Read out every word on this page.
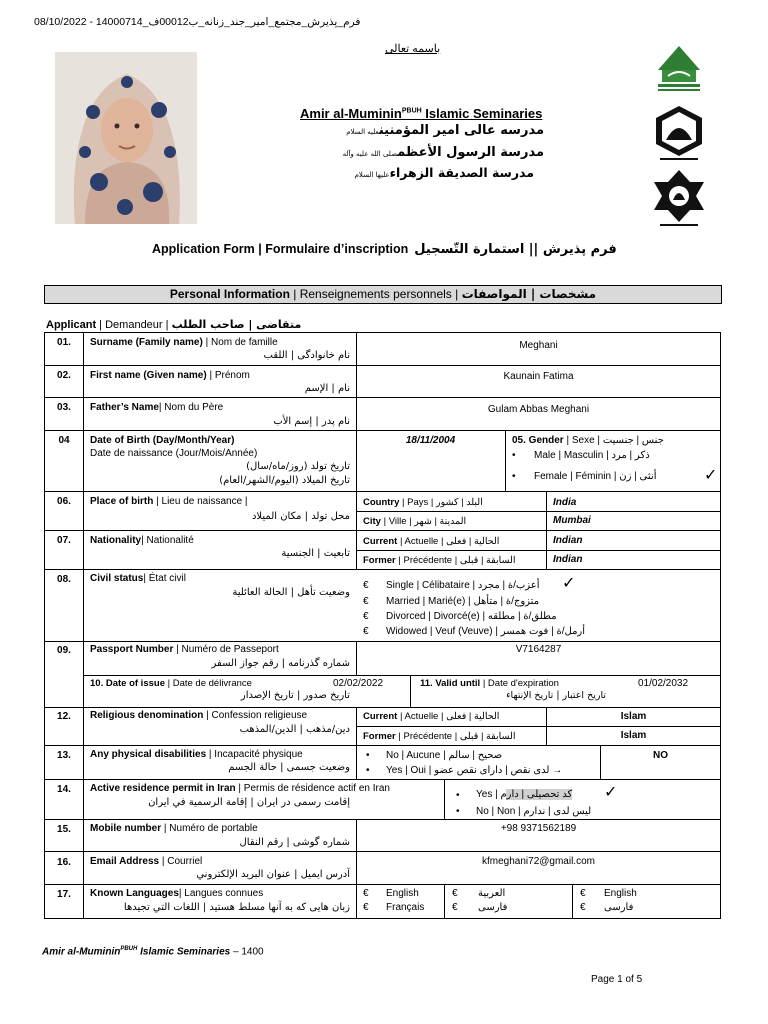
08/10/2022 - 14000714_فرم_پذیرش_مجتمع_امیر_جند_زنانه_ب00012ف
باسمه تعالی
Amir al-Muminin$^{PBUH}$ Islamic Seminaries
مدرسه عالی امیر المؤمنینعلیه السلام
مدرسة الرسول الأعظمصلی الله علیه وآله
مدرسة الصدیقة الزهراءعلیها السلام
Application Form | Formulaire d’inscription فرم پذیرش || استمارة التّسجیل
Personal Information | Renseignements personnels | مشخصات | المواصفات
Applicant | Demandeur | متقاضی | صاحب الطلب
01.	Surname (Family name) | Nom de famille
نام خانوادگی | اللقب
Meghani
02.	First name (Given name) | Prénom
نام | الإسم
Kaunain Fatima
03.	Father’s Name| Nom du Père
نام پدر | إسم الأب
Gulam Abbas Meghani
04	Date of Birth (Day/Month/Year)
Date de naissance (Jour/Mois/Année)
تاریخ تولد (روز/ماه/سال)
تاریخ المیلاد (الیوم/الشهر/العام)
18/11/2004	05. Gender | Sexe | جنس | جنسیت
• Male | Masculin | ذکر | مرد
• Female | Féminin | أنثی | زن	✓
06.	Place of birth | Lieu de naissance |
محل تولد | مكان الميلاد
Country | Pays | البلد | کشور	India
City | Ville | المدينة | شهر	Mumbai
07.	Nationality| Nationalité
تابعیت | الجنسية
Current | Actuelle | الحالية | فعلی	Indian
Former | Précédente | السابقة | قبلی	Indian
08.	Civil status| État civil
وضعیت تأهل | الحالة العائلية
€ Single | Célibataire | أعزب/ة | مجرد ✓
€ Married | Marié(e) | متزوج/ة | متأهل
€ Divorced | Divorcé(e) | مطلق/ة | مطلقه
€ Widowed | Veuf (Veuve) | أرمل/ة | فوت همسر
09.	Passport Number | Numéro de Passeport
شماره گذرنامه | رقم جواز السفر
V7164287
10. Date of issue | Date de délivrance
تاریخ صدور | تاريخ الإصدار
02/02/2022	11. Valid until | Date d'expiration
تاریخ اعتبار | تاريخ الإنتهاء
01/02/2032
12.	Religious denomination | Confession religieuse
دین/مذهب | الدين/المذهب
Current | Actuelle | الحالية | فعلی	Islam
Former | Précédente | السابقة | قبلی	Islam
13.	Any physical disabilities | Incapacité physique
وضعیت جسمی | حالة الجسم
• No | Aucune | صحيح | سالم
• Yes | Oui | لدی نقص | دارای نقص عضو →
NO
14.	Active residence permit in Iran | Permis de résidence actif en Iran
إقامت رسمی در ایران | إقامة الرسمية في ايران
• Yes | کد تحصیلی | دارم ✓
• No | Non | لیس لدی | ندارم
15.	Mobile number | Numéro de portable
شماره گوشی | رقم النقال
+98 9371562189
16.	Email Address | Courriel
آدرس ایمیل | عنوان البريد الإلكتروني
kfmeghani72@gmail.com
17.	Known Languages| Langues connues
زبان هایی که به آنها مسلط هستید | اللغات التي تجيدها
€ English
€ Français
€ العربية
€ فارسی
€ English
€ فارسی
Amir al-Muminin$^{PBUH}$ Islamic Seminaries – 1400
Page 1 of 5
